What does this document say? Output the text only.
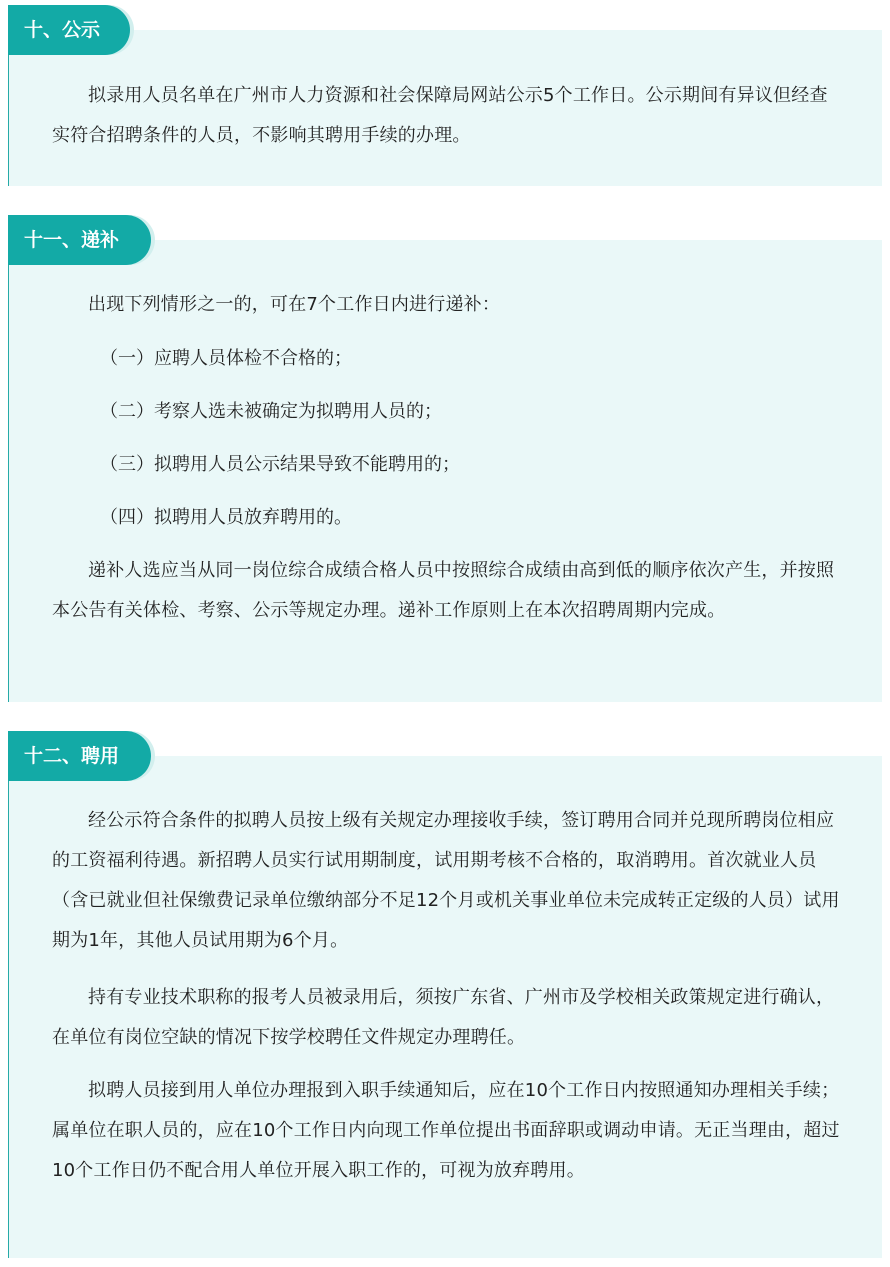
十、公示

拟录用人员名单在广州市人力资源和社会保障局网站公示5个工作日。公示期间有异议但经查实符合招聘条件的人员，不影响其聘用手续的办理。

十一、递补

出现下列情形之一的，可在7个工作日内进行递补：

（一）应聘人员体检不合格的；

（二）考察人选未被确定为拟聘用人员的；

（三）拟聘用人员公示结果导致不能聘用的；

（四）拟聘用人员放弃聘用的。

递补人选应当从同一岗位综合成绩合格人员中按照综合成绩由高到低的顺序依次产生，并按照本公告有关体检、考察、公示等规定办理。递补工作原则上在本次招聘周期内完成。

十二、聘用

经公示符合条件的拟聘人员按上级有关规定办理接收手续，签订聘用合同并兑现所聘岗位相应的工资福利待遇。新招聘人员实行试用期制度，试用期考核不合格的，取消聘用。首次就业人员（含已就业但社保缴费记录单位缴纳部分不足12个月或机关事业单位未完成转正定级的人员）试用期为1年，其他人员试用期为6个月。

持有专业技术职称的报考人员被录用后，须按广东省、广州市及学校相关政策规定进行确认，在单位有岗位空缺的情况下按学校聘任文件规定办理聘任。

拟聘人员接到用人单位办理报到入职手续通知后，应在10个工作日内按照通知办理相关手续；属单位在职人员的，应在10个工作日内向现工作单位提出书面辞职或调动申请。无正当理由，超过10个工作日仍不配合用人单位开展入职工作的，可视为放弃聘用。
